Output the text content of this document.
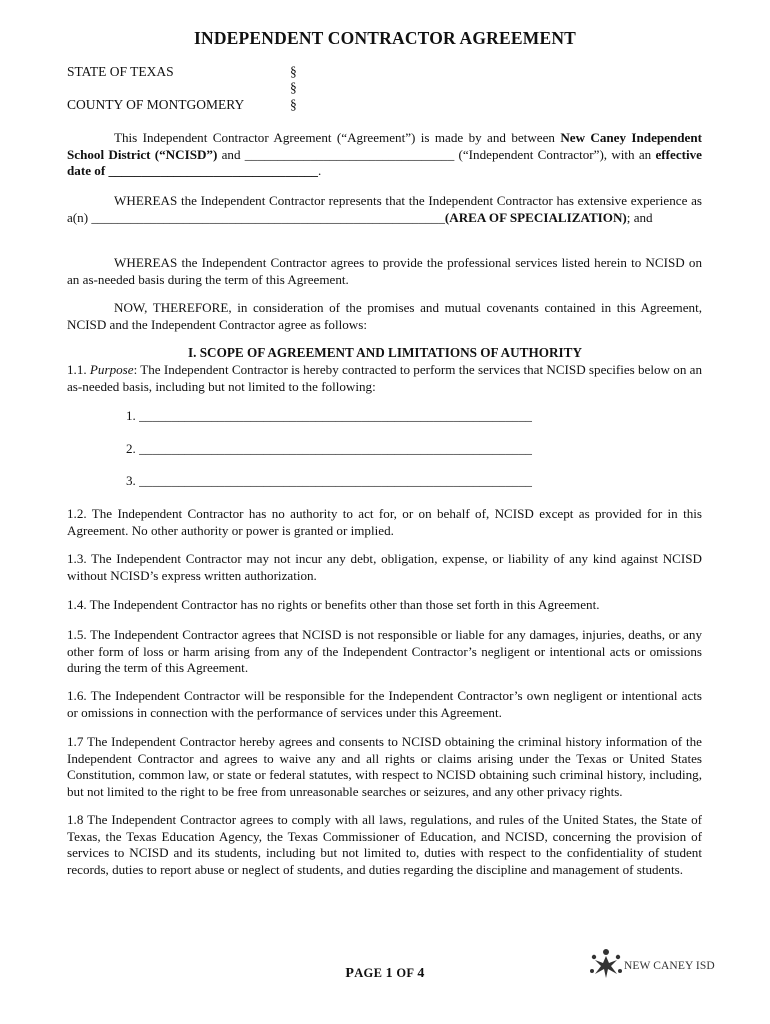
INDEPENDENT CONTRACTOR AGREEMENT
STATE OF TEXAS
COUNTY OF MONTGOMERY
§
§
§

This Independent Contractor Agreement (“Agreement”) is made by and between New Caney Independent School District (“NCISD”) and ________________________________ (“Independent Contractor”), with an effective date of ________________________________.

WHEREAS the Independent Contractor represents that the Independent Contractor has extensive experience as a(n) ______________________________________________________(AREA OF SPECIALIZATION); and

WHEREAS the Independent Contractor agrees to provide the professional services listed herein to NCISD on an as-needed basis during the term of this Agreement.

NOW, THEREFORE, in consideration of the promises and mutual covenants contained in this Agreement, NCISD and the Independent Contractor agree as follows:

I. SCOPE OF AGREEMENT AND LIMITATIONS OF AUTHORITY

1.1. Purpose: The Independent Contractor is hereby contracted to perform the services that NCISD specifies below on an as-needed basis, including but not limited to the following:

1. ____________________________________________________________
2. ____________________________________________________________
3. ____________________________________________________________

1.2. The Independent Contractor has no authority to act for, or on behalf of, NCISD except as provided for in this Agreement. No other authority or power is granted or implied.

1.3. The Independent Contractor may not incur any debt, obligation, expense, or liability of any kind against NCISD without NCISD’s express written authorization.

1.4. The Independent Contractor has no rights or benefits other than those set forth in this Agreement.

1.5. The Independent Contractor agrees that NCISD is not responsible or liable for any damages, injuries, deaths, or any other form of loss or harm arising from any of the Independent Contractor’s negligent or intentional acts or omissions during the term of this Agreement.

1.6. The Independent Contractor will be responsible for the Independent Contractor’s own negligent or intentional acts or omissions in connection with the performance of services under this Agreement.

1.7 The Independent Contractor hereby agrees and consents to NCISD obtaining the criminal history information of the Independent Contractor and agrees to waive any and all rights or claims arising under the Texas or United States Constitution, common law, or state or federal statutes, with respect to NCISD obtaining such criminal history, including, but not limited to the right to be free from unreasonable searches or seizures, and any other privacy rights.

1.8 The Independent Contractor agrees to comply with all laws, regulations, and rules of the United States, the State of Texas, the Texas Education Agency, the Texas Commissioner of Education, and NCISD, concerning the provision of services to NCISD and its students, including but not limited to, duties with respect to the confidentiality of student records, duties to report abuse or neglect of students, and duties regarding the discipline and management of students.

PAGE 1 OF 4	NEW CANEY ISD
